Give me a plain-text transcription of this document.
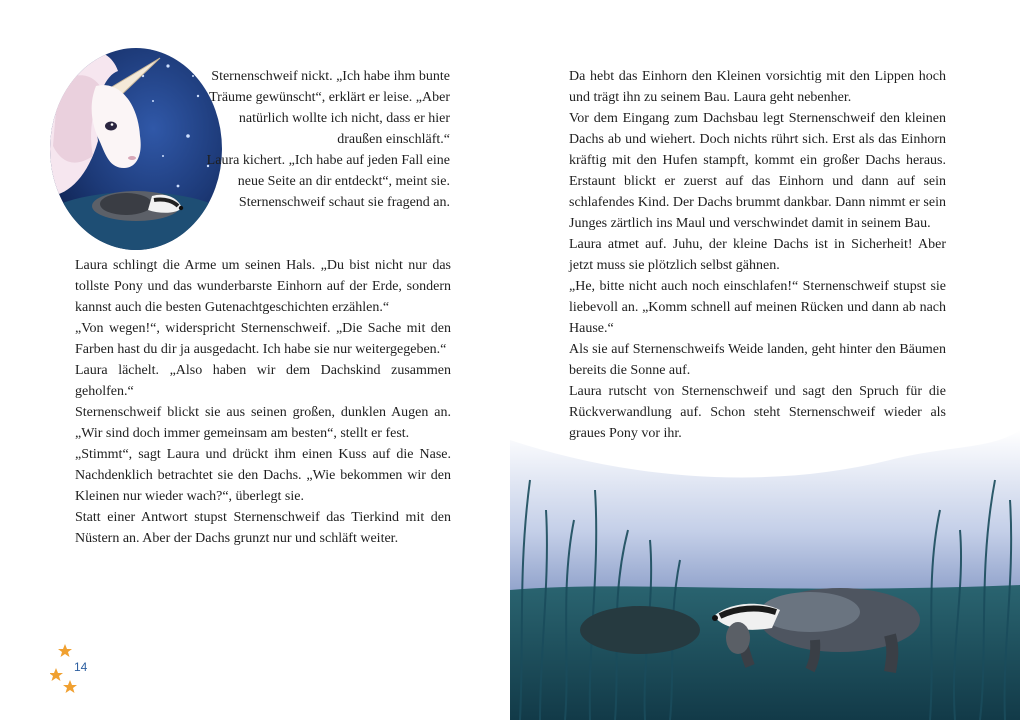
Sternenschweif nickt. „Ich habe ihm bunte Träume gewünscht“, erklärt er leise. „Aber natürlich wollte ich nicht, dass er hier draußen einschläft.“

Laura kichert. „Ich habe auf jeden Fall eine neue Seite an dir entdeckt“, meint sie.

Sternenschweif schaut sie fragend an.

Laura schlingt die Arme um seinen Hals. „Du bist nicht nur das tollste Pony und das wunderbarste Einhorn auf der Erde, sondern kannst auch die besten Gutenachtgeschichten erzählen.“

„Von wegen!“, widerspricht Sternenschweif. „Die Sache mit den Farben hast du dir ja ausgedacht. Ich habe sie nur weitergegeben.“

Laura lächelt. „Also haben wir dem Dachskind zusammen geholfen.“

Sternenschweif blickt sie aus seinen großen, dunklen Augen an. „Wir sind doch immer gemeinsam am besten“, stellt er fest.

„Stimmt“, sagt Laura und drückt ihm einen Kuss auf die Nase. Nachdenklich betrachtet sie den Dachs. „Wie bekommen wir den Kleinen nur wieder wach?“, überlegt sie.

Statt einer Antwort stupst Sternenschweif das Tierkind mit den Nüstern an. Aber der Dachs grunzt nur und schläft weiter.

14

Da hebt das Einhorn den Kleinen vorsichtig mit den Lippen hoch und trägt ihn zu seinem Bau. Laura geht nebenher.

Vor dem Eingang zum Dachsbau legt Sternenschweif den kleinen Dachs ab und wiehert. Doch nichts rührt sich. Erst als das Einhorn kräftig mit den Hufen stampft, kommt ein großer Dachs heraus. Erstaunt blickt er zuerst auf das Einhorn und dann auf sein schlafendes Kind. Der Dachs brummt dankbar. Dann nimmt er sein Junges zärtlich ins Maul und verschwindet damit in seinem Bau.

Laura atmet auf. Juhu, der kleine Dachs ist in Sicherheit! Aber jetzt muss sie plötzlich selbst gähnen.

„He, bitte nicht auch noch einschlafen!“ Sternenschweif stupst sie liebevoll an. „Komm schnell auf meinen Rücken und dann ab nach Hause.“

Als sie auf Sternenschweifs Weide landen, geht hinter den Bäumen bereits die Sonne auf.

Laura rutscht von Sternenschweif und sagt den Spruch für die Rückverwandlung auf. Schon steht Sternenschweif wieder als graues Pony vor ihr.
